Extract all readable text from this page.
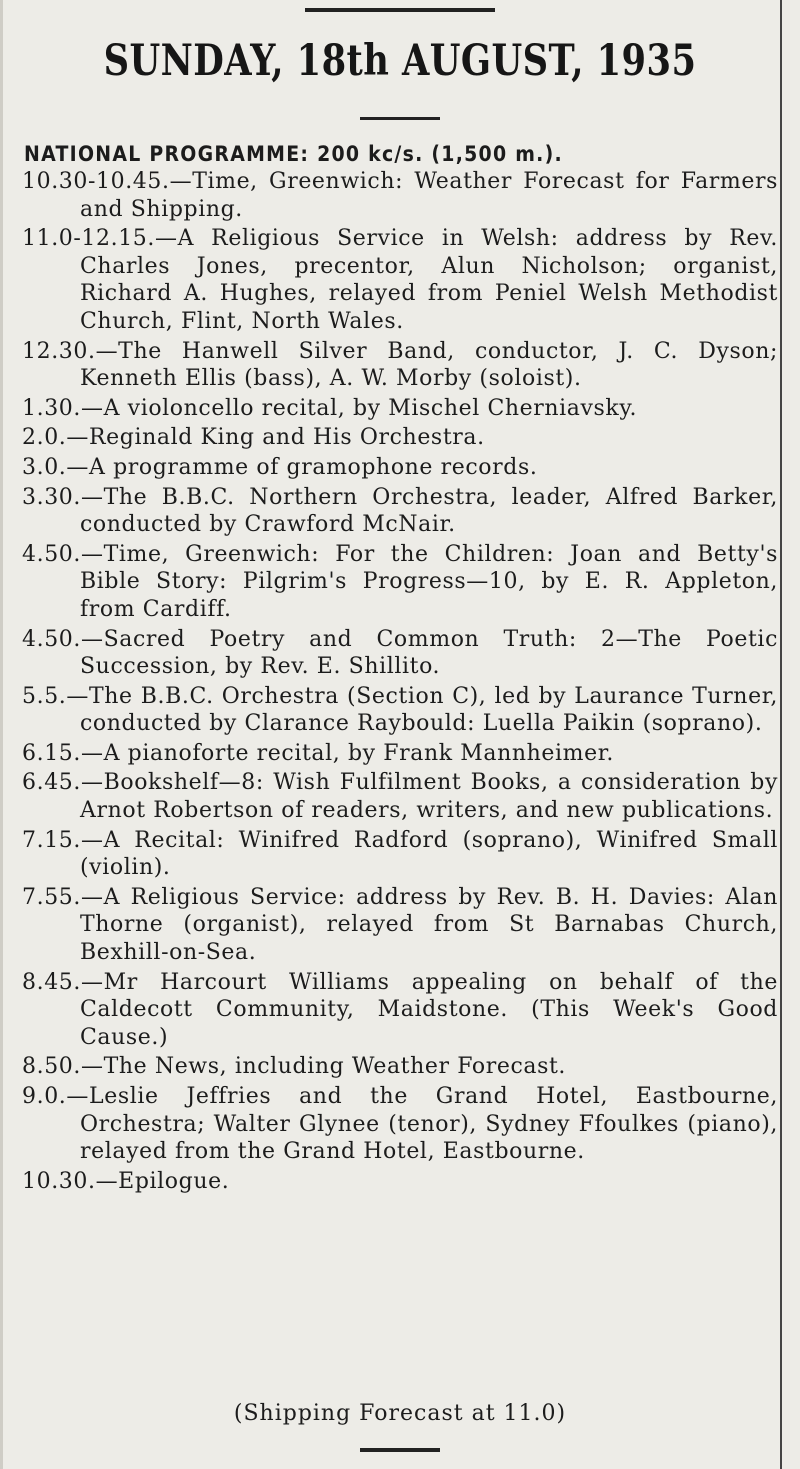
SUNDAY, 18th AUGUST, 1935
NATIONAL PROGRAMME: 200 kc/s. (1,500 m.).
10.30-10.45.—Time, Greenwich: Weather Forecast for Farmers and Shipping.
11.0-12.15.—A Religious Service in Welsh: address by Rev. Charles Jones, precentor, Alun Nicholson; organist, Richard A. Hughes, relayed from Peniel Welsh Methodist Church, Flint, North Wales.
12.30.—The Hanwell Silver Band, conductor, J. C. Dyson; Kenneth Ellis (bass), A. W. Morby (soloist).
1.30.—A violoncello recital, by Mischel Cherniavsky.
2.0.—Reginald King and His Orchestra.
3.0.—A programme of gramophone records.
3.30.—The B.B.C. Northern Orchestra, leader, Alfred Barker, conducted by Crawford McNair.
4.50.—Time, Greenwich: For the Children: Joan and Betty's Bible Story: Pilgrim's Progress—10, by E. R. Appleton, from Cardiff.
4.50.—Sacred Poetry and Common Truth: 2—The Poetic Succession, by Rev. E. Shillito.
5.5.—The B.B.C. Orchestra (Section C), led by Laurance Turner, conducted by Clarance Raybould: Luella Paikin (soprano).
6.15.—A pianoforte recital, by Frank Mannheimer.
6.45.—Bookshelf—8: Wish Fulfilment Books, a consideration by Arnot Robertson of readers, writers, and new publications.
7.15.—A Recital: Winifred Radford (soprano), Winifred Small (violin).
7.55.—A Religious Service: address by Rev. B. H. Davies: Alan Thorne (organist), relayed from St Barnabas Church, Bexhill-on-Sea.
8.45.—Mr Harcourt Williams appealing on behalf of the Caldecott Community, Maidstone. (This Week's Good Cause.)
8.50.—The News, including Weather Forecast.
9.0.—Leslie Jeffries and the Grand Hotel, Eastbourne, Orchestra; Walter Glynee (tenor), Sydney Ffoulkes (piano), relayed from the Grand Hotel, Eastbourne.
10.30.—Epilogue.
(Shipping Forecast at 11.0)
